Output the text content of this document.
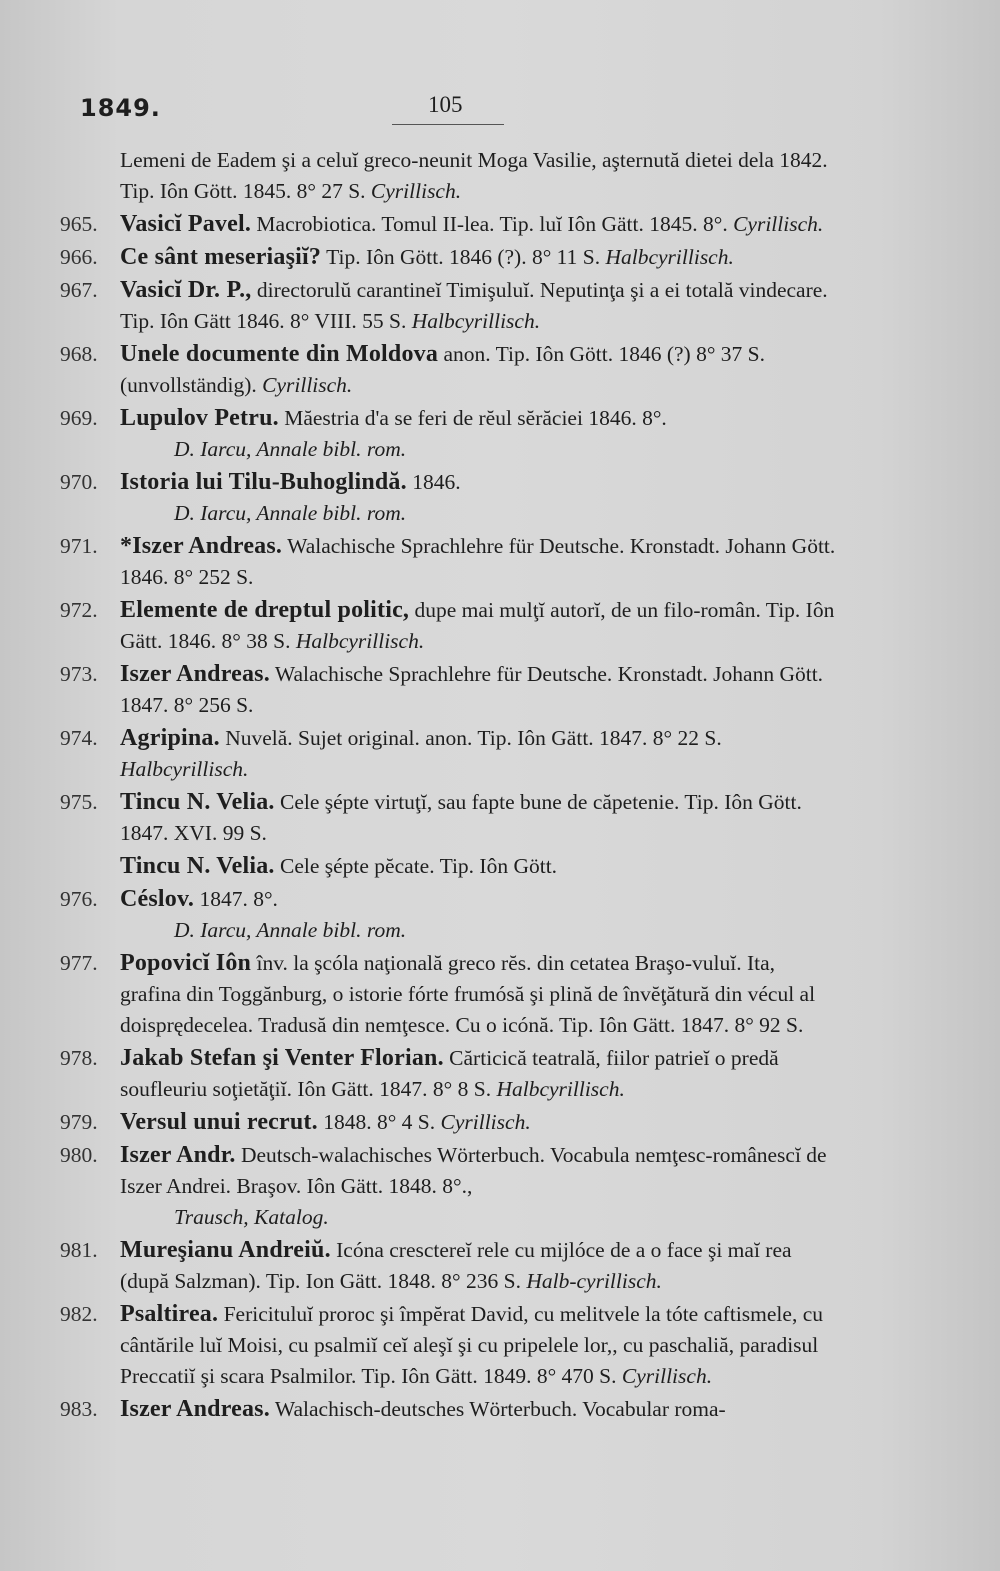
1849.	105
Lemeni de Eadem şi a celuĭ greco-neunit Moga Vasilie, aşternută dietei dela 1842. Tip. Iôn Gött. 1845. 8° 27 S. Cyrillisch.
965. Vasicĭ Pavel. Macrobiotica. Tomul II-lea. Tip. luĭ Iôn Gätt. 1845. 8°. Cyrillisch.
966. Ce sânt meseriaşiĭ? Tip. Iôn Gött. 1846 (?). 8° 11 S. Halbcyrillisch.
967. Vasicĭ Dr. P., directorulŭ carantineĭ Timişuluĭ. Neputinţa şi a ei totală vindecare. Tip. Iôn Gätt 1846. 8° VIII. 55 S. Halbcyrillisch.
968. Unele documente din Moldova anon. Tip. Iôn Gött. 1846 (?) 8° 37 S. (unvollständig). Cyrillisch.
969. Lupulov Petru. Măestria d'a se feri de rĕul sĕrăciei 1846. 8°.
D. Iarcu, Annale bibl. rom.
970. Istoria lui Tilu-Buhoglindă. 1846.
D. Iarcu, Annale bibl. rom.
971. *Iszer Andreas. Walachische Sprachlehre für Deutsche. Kronstadt. Johann Gött. 1846. 8° 252 S.
972. Elemente de dreptul politic, dupe mai mulţĭ autorĭ, de un filo-român. Tip. Iôn Gätt. 1846. 8° 38 S. Halbcyrillisch.
973. Iszer Andreas. Walachische Sprachlehre für Deutsche. Kronstadt. Johann Gött. 1847. 8° 256 S.
974. Agripina. Nuvelă. Sujet original. anon. Tip. Iôn Gätt. 1847. 8° 22 S. Halbcyrillisch.
975. Tincu N. Velia. Cele şépte virtuţĭ, sau fapte bune de căpetenie. Tip. Iôn Gött. 1847. XVI. 99 S.
Tincu N. Velia. Cele şépte pĕcate. Tip. Iôn Gött.
976. Céslov. 1847. 8°.
D. Iarcu, Annale bibl. rom.
977. Popovicĭ Iôn înv. la şcóla naţională greco rĕs. din cetatea Braşo-vuluĭ. Ita, grafina din Toggănburg, o istorie fórte frumósă şi plină de învĕţătură din vécul al doisprędecelea. Tradusă din nemţescе. Cu o icónă. Tip. Iôn Gätt. 1847. 8° 92 S.
978. Jakab Stefan şi Venter Florian. Cărticică teatrală, fiilor patrieĭ o predă soufleuriu soţietăţiĭ. Iôn Gätt. 1847. 8° 8 S. Halbcyrillisch.
979. Versul unui recrut. 1848. 8° 4 S. Cyrillisch.
980. Iszer Andr. Deutsch-walachisches Wörterbuch. Vocabula nemţesc-românescĭ de Iszer Andrei. Braşov. Iôn Gätt. 1848. 8°.,
Trausch, Katalog.
981. Mureşianu Andreiŭ. Icóna cresctereĭ rele cu mijlóce de a o face şi maĭ rea (după Salzman). Tip. Ion Gätt. 1848. 8° 236 S. Halb-cyrillisch.
982. Psaltirea. Fericituluĭ proroc şi împĕrat David, cu melitvele la tóte caftismele, cu cântările luĭ Moisi, cu psalmiĭ ceĭ aleşĭ şi cu pripelele lor,, cu paschaliă, paradisul Preccatiĭ şi scara Psalmilor. Tip. Iôn Gätt. 1849. 8° 470 S. Cyrillisch.
983. Iszer Andreas. Walachisch-deutsches Wörterbuch. Vocabular roma-
